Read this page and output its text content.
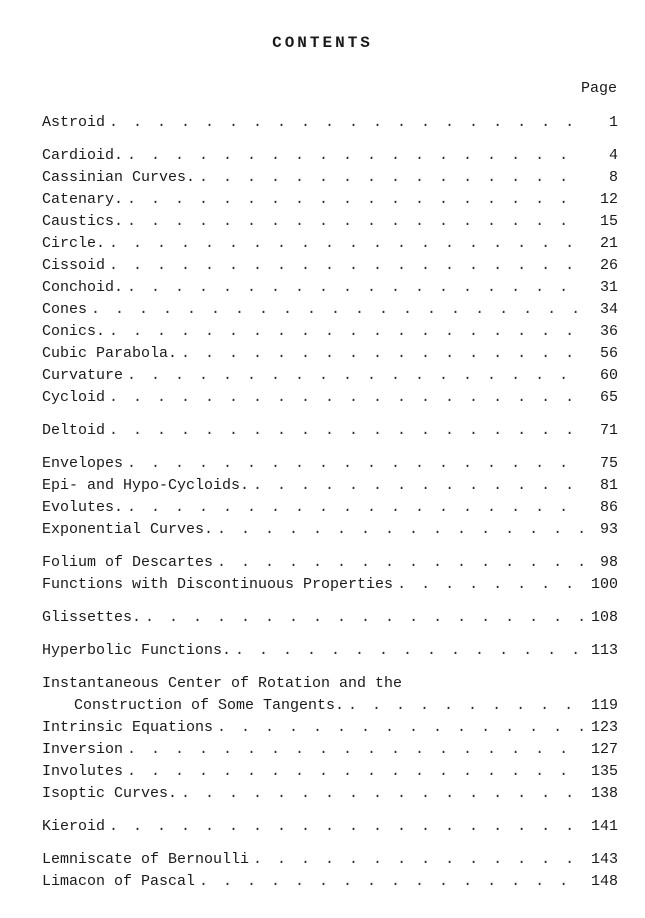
CONTENTS
Page
Astroid . . .	1
Cardioid. . . .	4
Cassinian Curves. . . .	8
Catenary. . . .	12
Caustics. . . .	15
Circle. . . .	21
Cissoid . . .	26
Conchoid. . . .	31
Cones . . .	34
Conics. . . .	36
Cubic Parabola. . . .	56
Curvature . . .	60
Cycloid . . .	65
Deltoid . . .	71
Envelopes . . .	75
Epi- and Hypo-Cycloids. . . .	81
Evolutes. . . .	86
Exponential Curves. . . .	93
Folium of Descartes . . .	98
Functions with Discontinuous Properties . . .	100
Glissettes. . . .	108
Hyperbolic Functions. . . .	113
Instantaneous Center of Rotation and the
Construction of Some Tangents. . . .	119
Intrinsic Equations . . .	123
Inversion . . .	127
Involutes . . .	135
Isoptic Curves. . . .	138
Kieroid . . .	141
Lemniscate of Bernoulli . . .	143
Limacon of Pascal . . .	148
